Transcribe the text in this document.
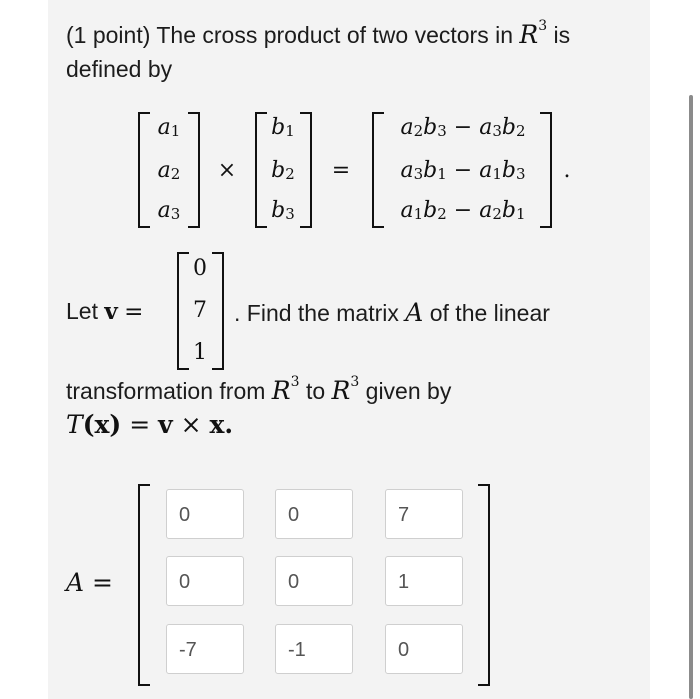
(1 point) The cross product of two vectors in $R^3$ is
defined by
$a_1$
$a_2$
$a_3$
×
$b_1$
$b_2$
$b_3$
=
$a_2b_3 - a_3b_2$
$a_3b_1 - a_1b_3$
$a_1b_2 - a_2b_1$
.
Let v =
0
7
1
. Find the matrix A of the linear
transformation from $R^3$ to $R^3$ given by
T(x) = v × x.
A =
0	0	7
0	0	1
-7	-1	0
